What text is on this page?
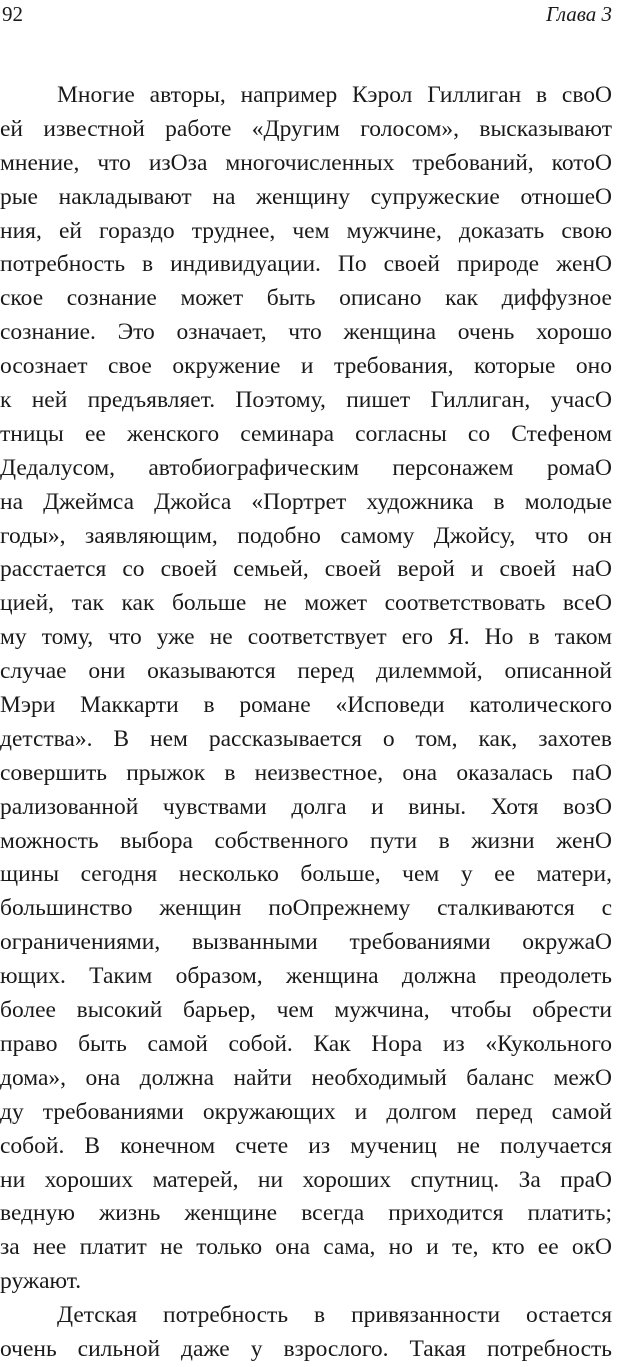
92	Глава 3
Многие авторы, например Кэрол Гиллиган в своO
ей известной работе «Другим голосом», высказывают
мнение, что изOза многочисленных требований, котоO
рые накладывают на женщину супружеские отношеO
ния, ей гораздо труднее, чем мужчине, доказать свою
потребность в индивидуации. По своей природе женO
ское сознание может быть описано как диффузное
сознание. Это означает, что женщина очень хорошо
осознает свое окружение и требования, которые оно
к ней предъявляет. Поэтому, пишет Гиллиган, учасO
тницы ее женского семинара согласны со Стефеном
Дедалусом, автобиографическим персонажем ромаO
на Джеймса Джойса «Портрет художника в молодые
годы», заявляющим, подобно самому Джойсу, что он
расстается со своей семьей, своей верой и своей наO
цией, так как больше не может соответствовать всеO
му тому, что уже не соответствует его Я. Но в таком
случае они оказываются перед дилеммой, описанной
Мэри Маккарти в романе «Исповеди католического
детства». В нем рассказывается о том, как, захотев
совершить прыжок в неизвестное, она оказалась паO
рализованной чувствами долга и вины. Хотя возO
можность выбора собственного пути в жизни женO
щины сегодня несколько больше, чем у ее матери,
большинство женщин поOпрежнему сталкиваются с
ограничениями, вызванными требованиями окружаO
ющих. Таким образом, женщина должна преодолеть
более высокий барьер, чем мужчина, чтобы обрести
право быть самой собой. Как Нора из «Кукольного
дома», она должна найти необходимый баланс межO
ду требованиями окружающих и долгом перед самой
собой. В конечном счете из мучениц не получается
ни хороших матерей, ни хороших спутниц. За праO
ведную жизнь женщине всегда приходится платить;
за нее платит не только она сама, но и те, кто ее окO
ружают.
Детская потребность в привязанности остается
очень сильной даже у взрослого. Такая потребность
